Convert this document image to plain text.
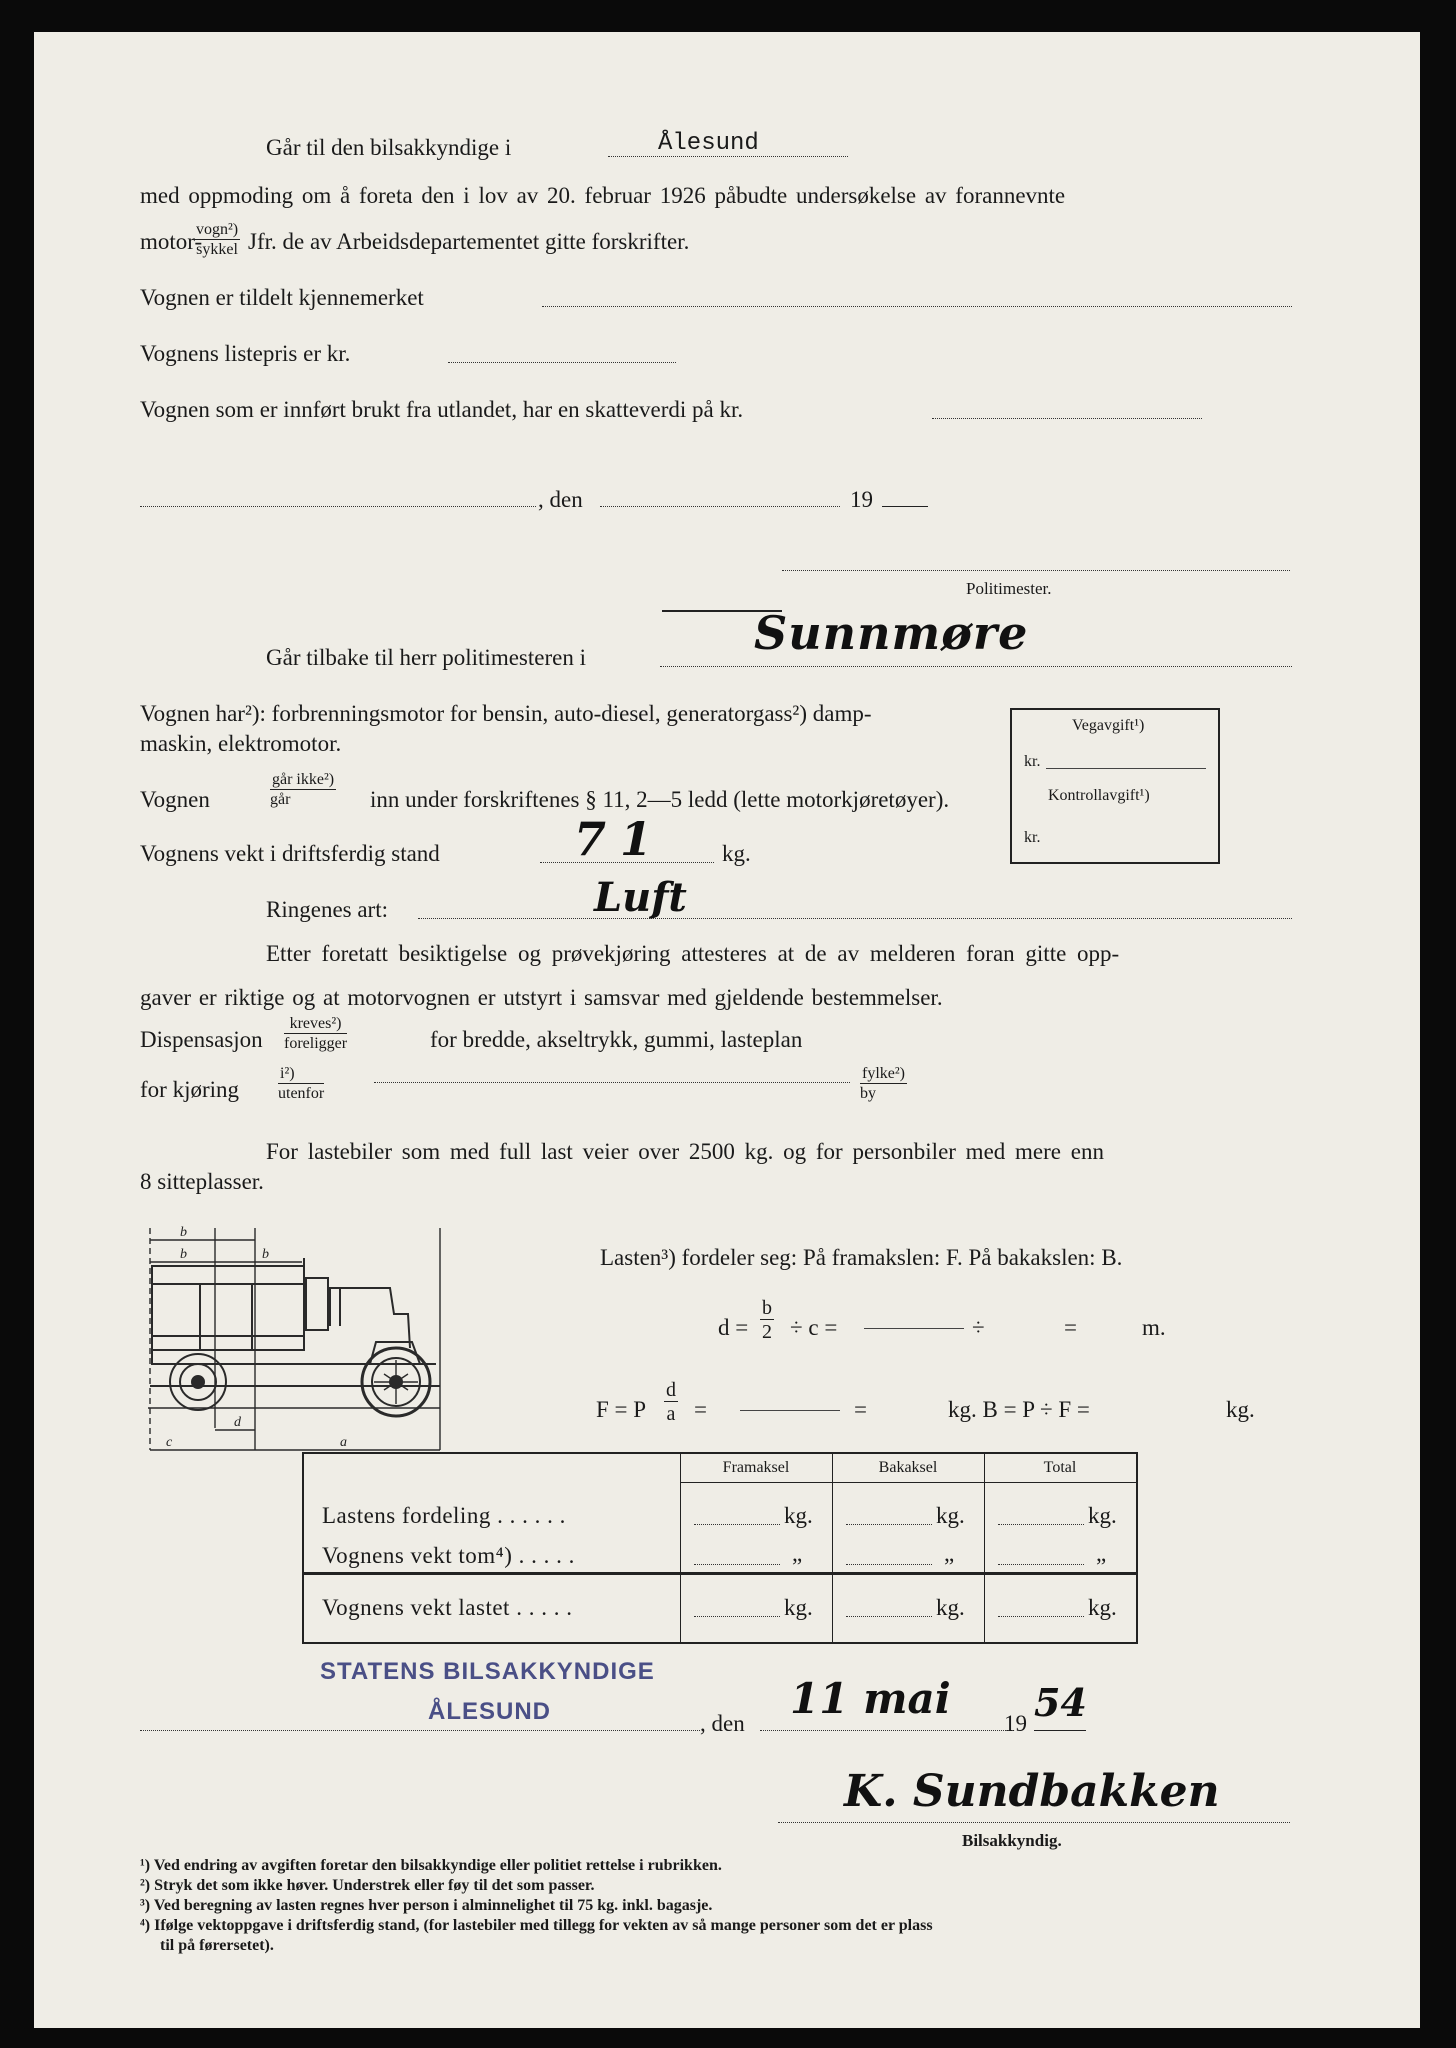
Går til den bilsakkyndige i	Ålesund
med oppmoding om å foreta den i lov av 20. februar 1926 påbudte undersøkelse av forannevnte
motor-
vogn²)
sykkel Jfr. de av Arbeidsdepartementet gitte forskrifter.
Vognen er tildelt kjennemerket
Vognens listepris er kr.
Vognen som er innført brukt fra utlandet, har en skatteverdi på kr.
, den	19
Politimester.
Går tilbake til herr politimesteren i	Sunnmøre
Vognen har²): forbrenningsmotor for bensin, auto-diesel, generatorgass²) damp-
maskin, elektromotor.
Vegavgift¹)
kr.
Kontrollavgift¹)
kr.
Vognen
går ikke²)
går	inn under forskriftenes § 11, 2—5 ledd (lette motorkjøretøyer).
Vognens vekt i driftsferdig stand	71 kg.
Ringenes art:	Luft
Etter foretatt besiktigelse og prøvekjøring attesteres at de av melderen foran gitte opp-
gaver er riktige og at motorvognen er utstyrt i samsvar med gjeldende bestemmelser.
Dispensasjon
kreves²)
foreligger	for bredde, akseltrykk, gummi, lasteplan
for kjøring
i²)
utenfor
fylke²)
by
For lastebiler som med full last veier over 2500 kg. og for personbiler med mere enn
8 sitteplasser.
b
b	b
c
d
a
Lasten³) fordeler seg: På framakslen: F. På bakakslen: B.
$d = \frac{b}{2} \div c$ =	÷	=	m.
F = P $\frac{d}{a}$ =	=	kg. B = P ÷ F =	kg.
Framaksel	Bakaksel	Total
Lastens fordeling . . . . . .	kg.	kg.	kg.
Vognens vekt tom⁴) . . . . .	„	„	„
Vognens vekt lastet . . . . .	kg.	kg.	kg.
STATENS BILSAKKYNDIGE
ÅLESUND	, den
11 mai
19 54
K. Sundbakken
Bilsakkyndig.
¹) Ved endring av avgiften foretar den bilsakkyndige eller politiet rettelse i rubrikken.
²) Stryk det som ikke høver. Understrek eller føy til det som passer.
³) Ved beregning av lasten regnes hver person i alminnelighet til 75 kg. inkl. bagasje.
⁴) Ifølge vektoppgave i driftsferdig stand, (for lastebiler med tillegg for vekten av så mange personer som det er plass
til på førersetet).
